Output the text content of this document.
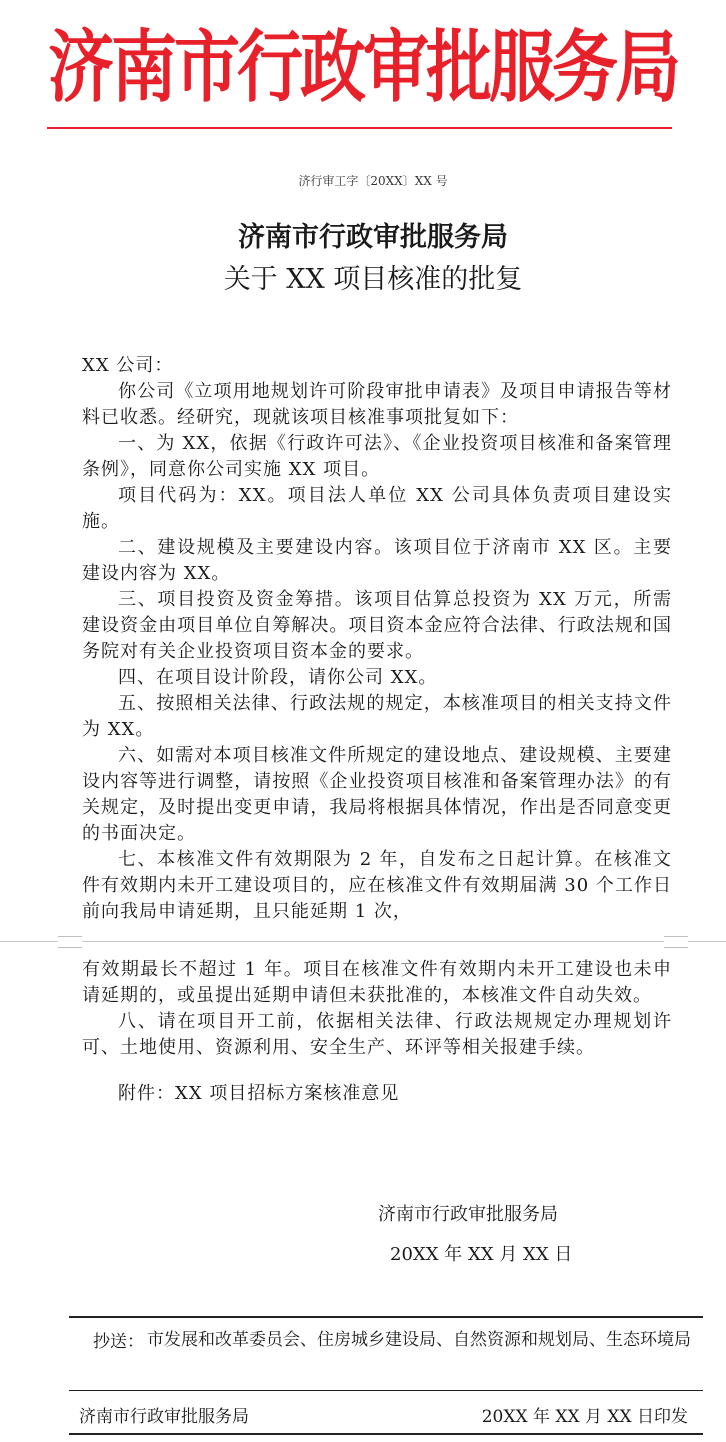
济南市行政审批服务局
济行审工字〔20XX〕XX 号
济南市行政审批服务局
关于 XX 项目核准的批复

XX 公司：

你公司《立项用地规划许可阶段审批申请表》及项目申请报告等材料已收悉。经研究，现就该项目核准事项批复如下：

一、为 XX，依据《行政许可法》、《企业投资项目核准和备案管理条例》，同意你公司实施 XX 项目。

项目代码为：XX。项目法人单位 XX 公司具体负责项目建设实施。

二、建设规模及主要建设内容。该项目位于济南市 XX 区。主要建设内容为 XX。

三、项目投资及资金筹措。该项目估算总投资为 XX 万元，所需建设资金由项目单位自筹解决。项目资本金应符合法律、行政法规和国务院对有关企业投资项目资本金的要求。

四、在项目设计阶段，请你公司 XX。

五、按照相关法律、行政法规的规定，本核准项目的相关支持文件为 XX。

六、如需对本项目核准文件所规定的建设地点、建设规模、主要建设内容等进行调整，请按照《企业投资项目核准和备案管理办法》的有关规定，及时提出变更申请，我局将根据具体情况，作出是否同意变更的书面决定。

七、本核准文件有效期限为 2 年，自发布之日起计算。在核准文件有效期内未开工建设项目的，应在核准文件有效期届满 30 个工作日前向我局申请延期，且只能延期 1 次，

有效期最长不超过 1 年。项目在核准文件有效期内未开工建设也未申请延期的，或虽提出延期申请但未获批准的，本核准文件自动失效。

八、请在项目开工前，依据相关法律、行政法规规定办理规划许可、土地使用、资源利用、安全生产、环评等相关报建手续。

附件：XX 项目招标方案核准意见

济南市行政审批服务局
20XX 年 XX 月 XX 日
抄送： 市发展和改革委员会、住房城乡建设局、自然资源和规划局、生态环境局
济南市行政审批服务局	20XX 年 XX 月 XX 日印发
